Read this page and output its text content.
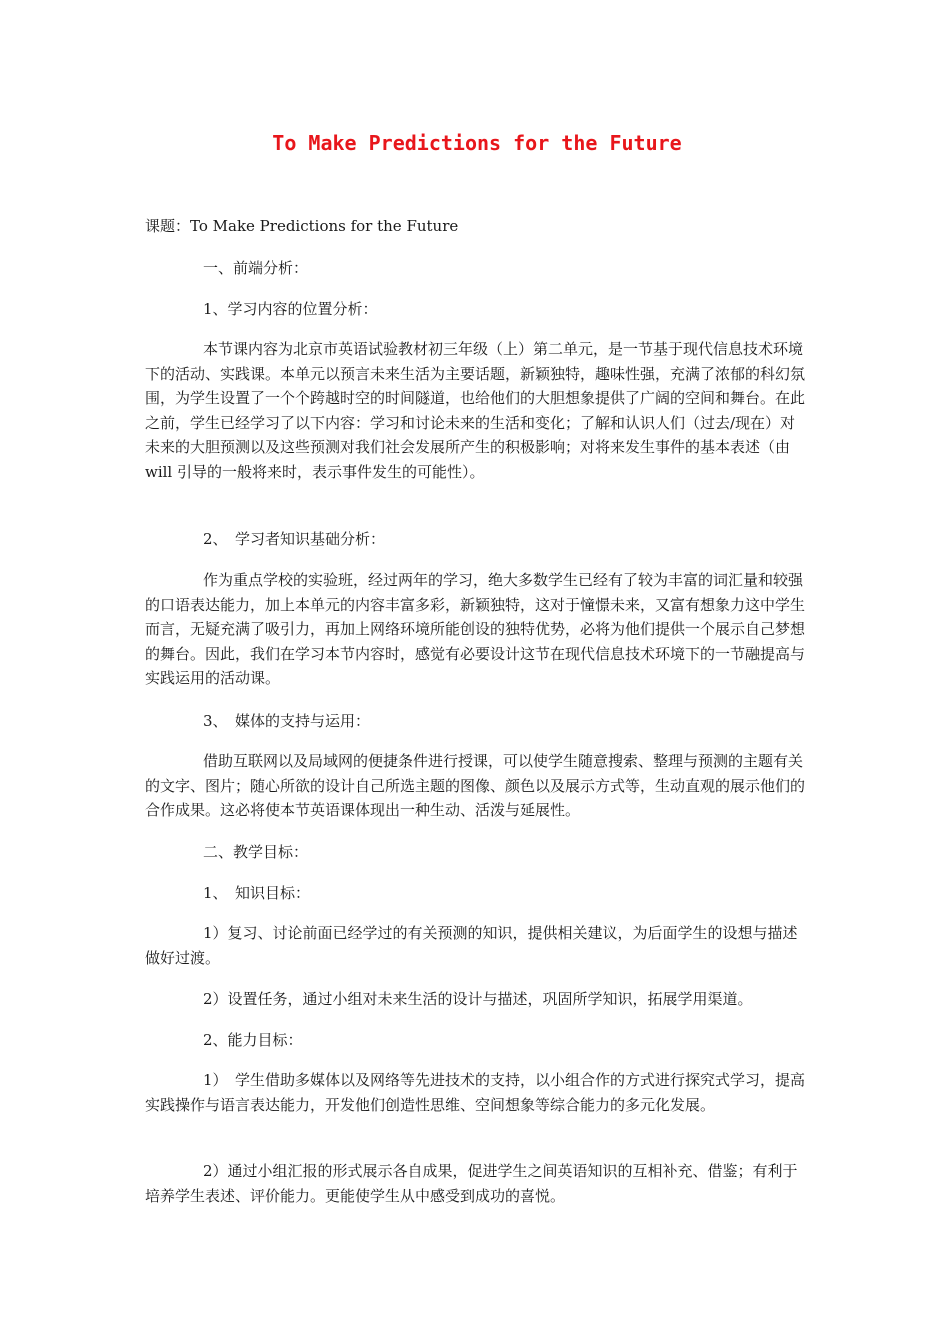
To Make Predictions for the Future

课题：To Make Predictions for the Future

一、前端分析：

1、学习内容的位置分析：

本节课内容为北京市英语试验教材初三年级（上）第二单元，是一节基于现代信息技术环境下的活动、实践课。本单元以预言未来生活为主要话题，新颖独特，趣味性强，充满了浓郁的科幻氛围，为学生设置了一个个跨越时空的时间隧道，也给他们的大胆想象提供了广阔的空间和舞台。在此之前，学生已经学习了以下内容：学习和讨论未来的生活和变化；了解和认识人们（过去/现在）对未来的大胆预测以及这些预测对我们社会发展所产生的积极影响；对将来发生事件的基本表述（由 will 引导的一般将来时，表示事件发生的可能性）。

2、　学习者知识基础分析：

作为重点学校的实验班，经过两年的学习，绝大多数学生已经有了较为丰富的词汇量和较强的口语表达能力，加上本单元的内容丰富多彩，新颖独特，这对于憧憬未来，又富有想象力这中学生而言，无疑充满了吸引力，再加上网络环境所能创设的独特优势，必将为他们提供一个展示自己梦想的舞台。因此，我们在学习本节内容时，感觉有必要设计这节在现代信息技术环境下的一节融提高与实践运用的活动课。

3、　媒体的支持与运用：

借助互联网以及局域网的便捷条件进行授课，可以使学生随意搜索、整理与预测的主题有关的文字、图片；随心所欲的设计自己所选主题的图像、颜色以及展示方式等，生动直观的展示他们的合作成果。这必将使本节英语课体现出一种生动、活泼与延展性。

二、教学目标：

1、　知识目标：

1）复习、讨论前面已经学过的有关预测的知识，提供相关建议，为后面学生的设想与描述做好过渡。

2）设置任务，通过小组对未来生活的设计与描述，巩固所学知识，拓展学用渠道。

2、能力目标：

1）　学生借助多媒体以及网络等先进技术的支持，以小组合作的方式进行探究式学习，提高实践操作与语言表达能力，开发他们创造性思维、空间想象等综合能力的多元化发展。

2）通过小组汇报的形式展示各自成果，促进学生之间英语知识的互相补充、借鉴；有利于培养学生表述、评价能力。更能使学生从中感受到成功的喜悦。
